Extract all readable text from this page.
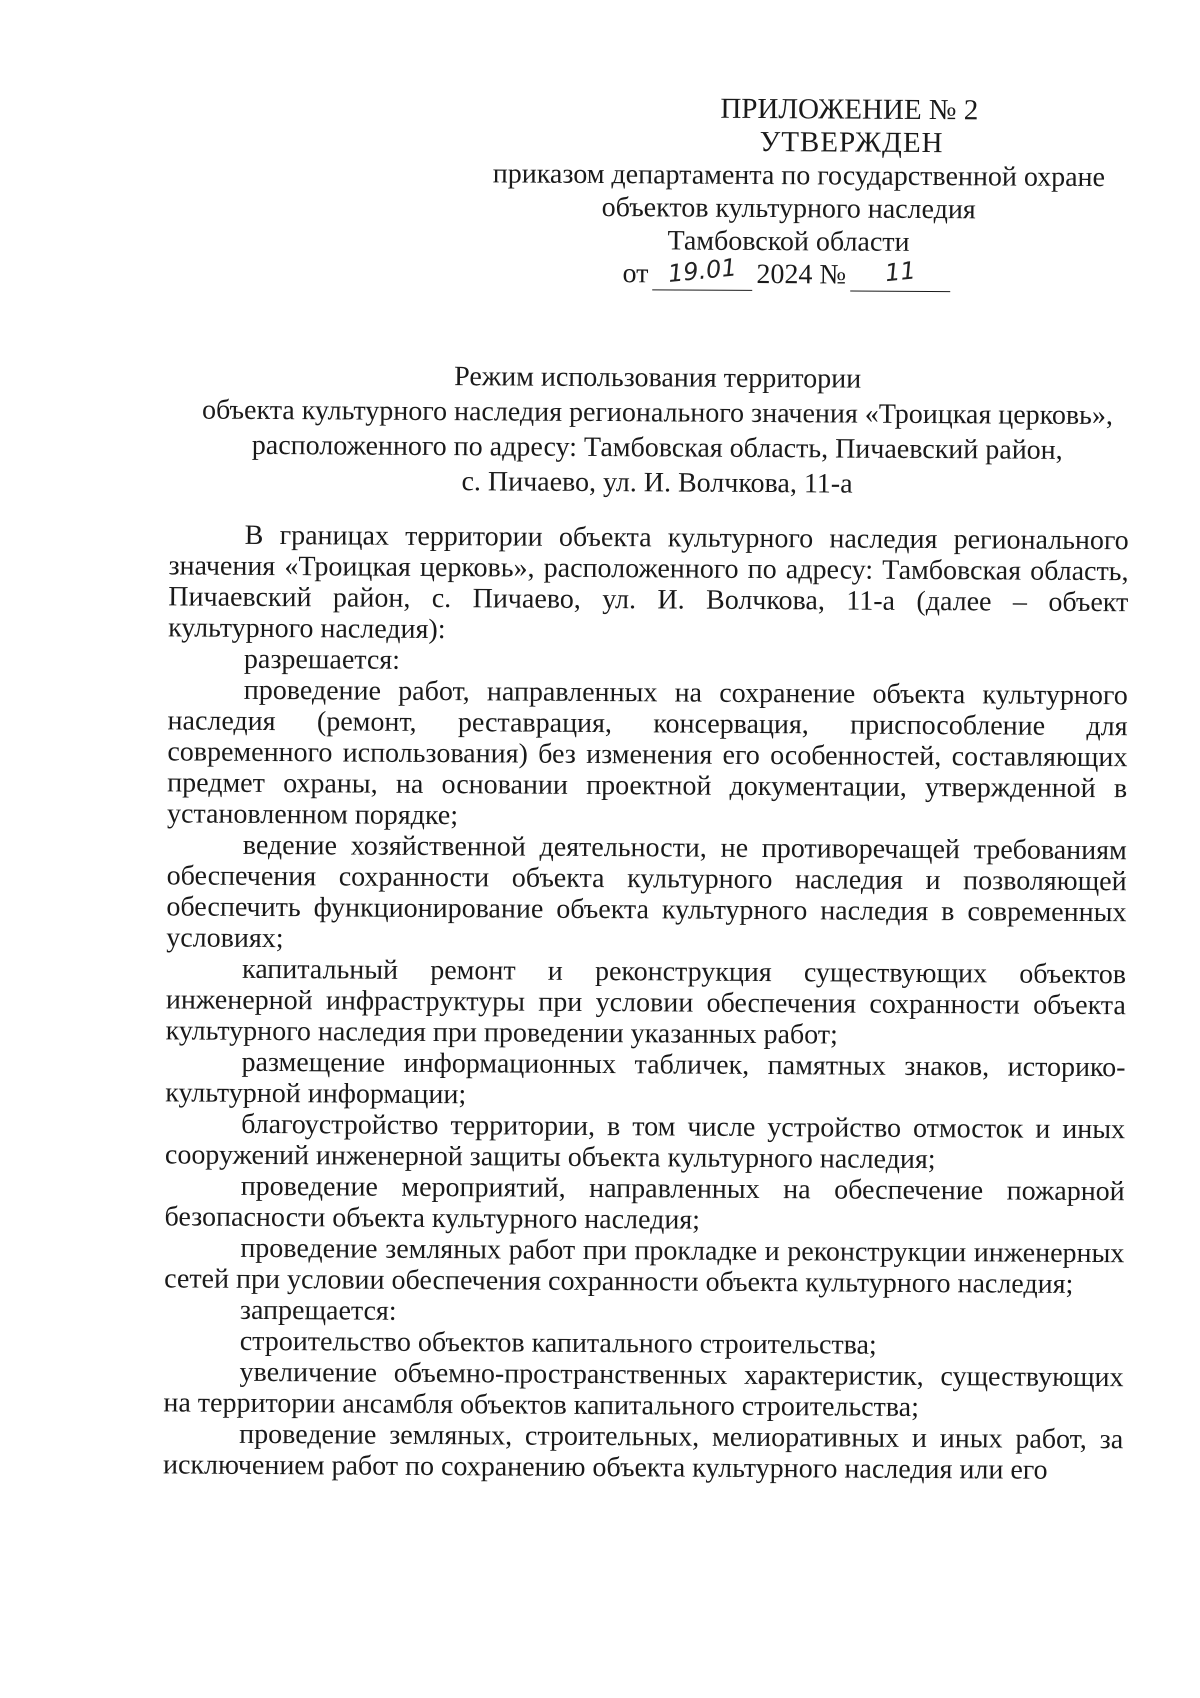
ПРИЛОЖЕНИЕ № 2
УТВЕРЖДЕН
приказом департамента по государственной охране
объектов культурного наследия
Тамбовской области
от 19.01 2024 №	11
Режим использования территории
объекта культурного наследия регионального значения «Троицкая церковь»,
расположенного по адресу: Тамбовская область, Пичаевский район,
с. Пичаево, ул. И. Волчкова, 11-а

В границах территории объекта культурного наследия регионального значения «Троицкая церковь», расположенного по адресу: Тамбовская область, Пичаевский район, с. Пичаево, ул. И. Волчкова, 11-а (далее – объект культурного наследия):

разрешается:

проведение работ, направленных на сохранение объекта культурного наследия (ремонт, реставрация, консервация, приспособление для современного использования) без изменения его особенностей, составляющих предмет охраны, на основании проектной документации, утвержденной в установленном порядке;

ведение хозяйственной деятельности, не противоречащей требованиям обеспечения сохранности объекта культурного наследия и позволяющей обеспечить функционирование объекта культурного наследия в современных условиях;

капитальный ремонт и реконструкция существующих объектов инженерной инфраструктуры при условии обеспечения сохранности объекта культурного наследия при проведении указанных работ;

размещение информационных табличек, памятных знаков, историко-культурной информации;

благоустройство территории, в том числе устройство отмосток и иных сооружений инженерной защиты объекта культурного наследия;

проведение мероприятий, направленных на обеспечение пожарной безопасности объекта культурного наследия;

проведение земляных работ при прокладке и реконструкции инженерных сетей при условии обеспечения сохранности объекта культурного наследия;

запрещается:

строительство объектов капитального строительства;

увеличение объемно-пространственных характеристик, существующих на территории ансамбля объектов капитального строительства;

проведение земляных, строительных, мелиоративных и иных работ, за исключением работ по сохранению объекта культурного наследия или его
